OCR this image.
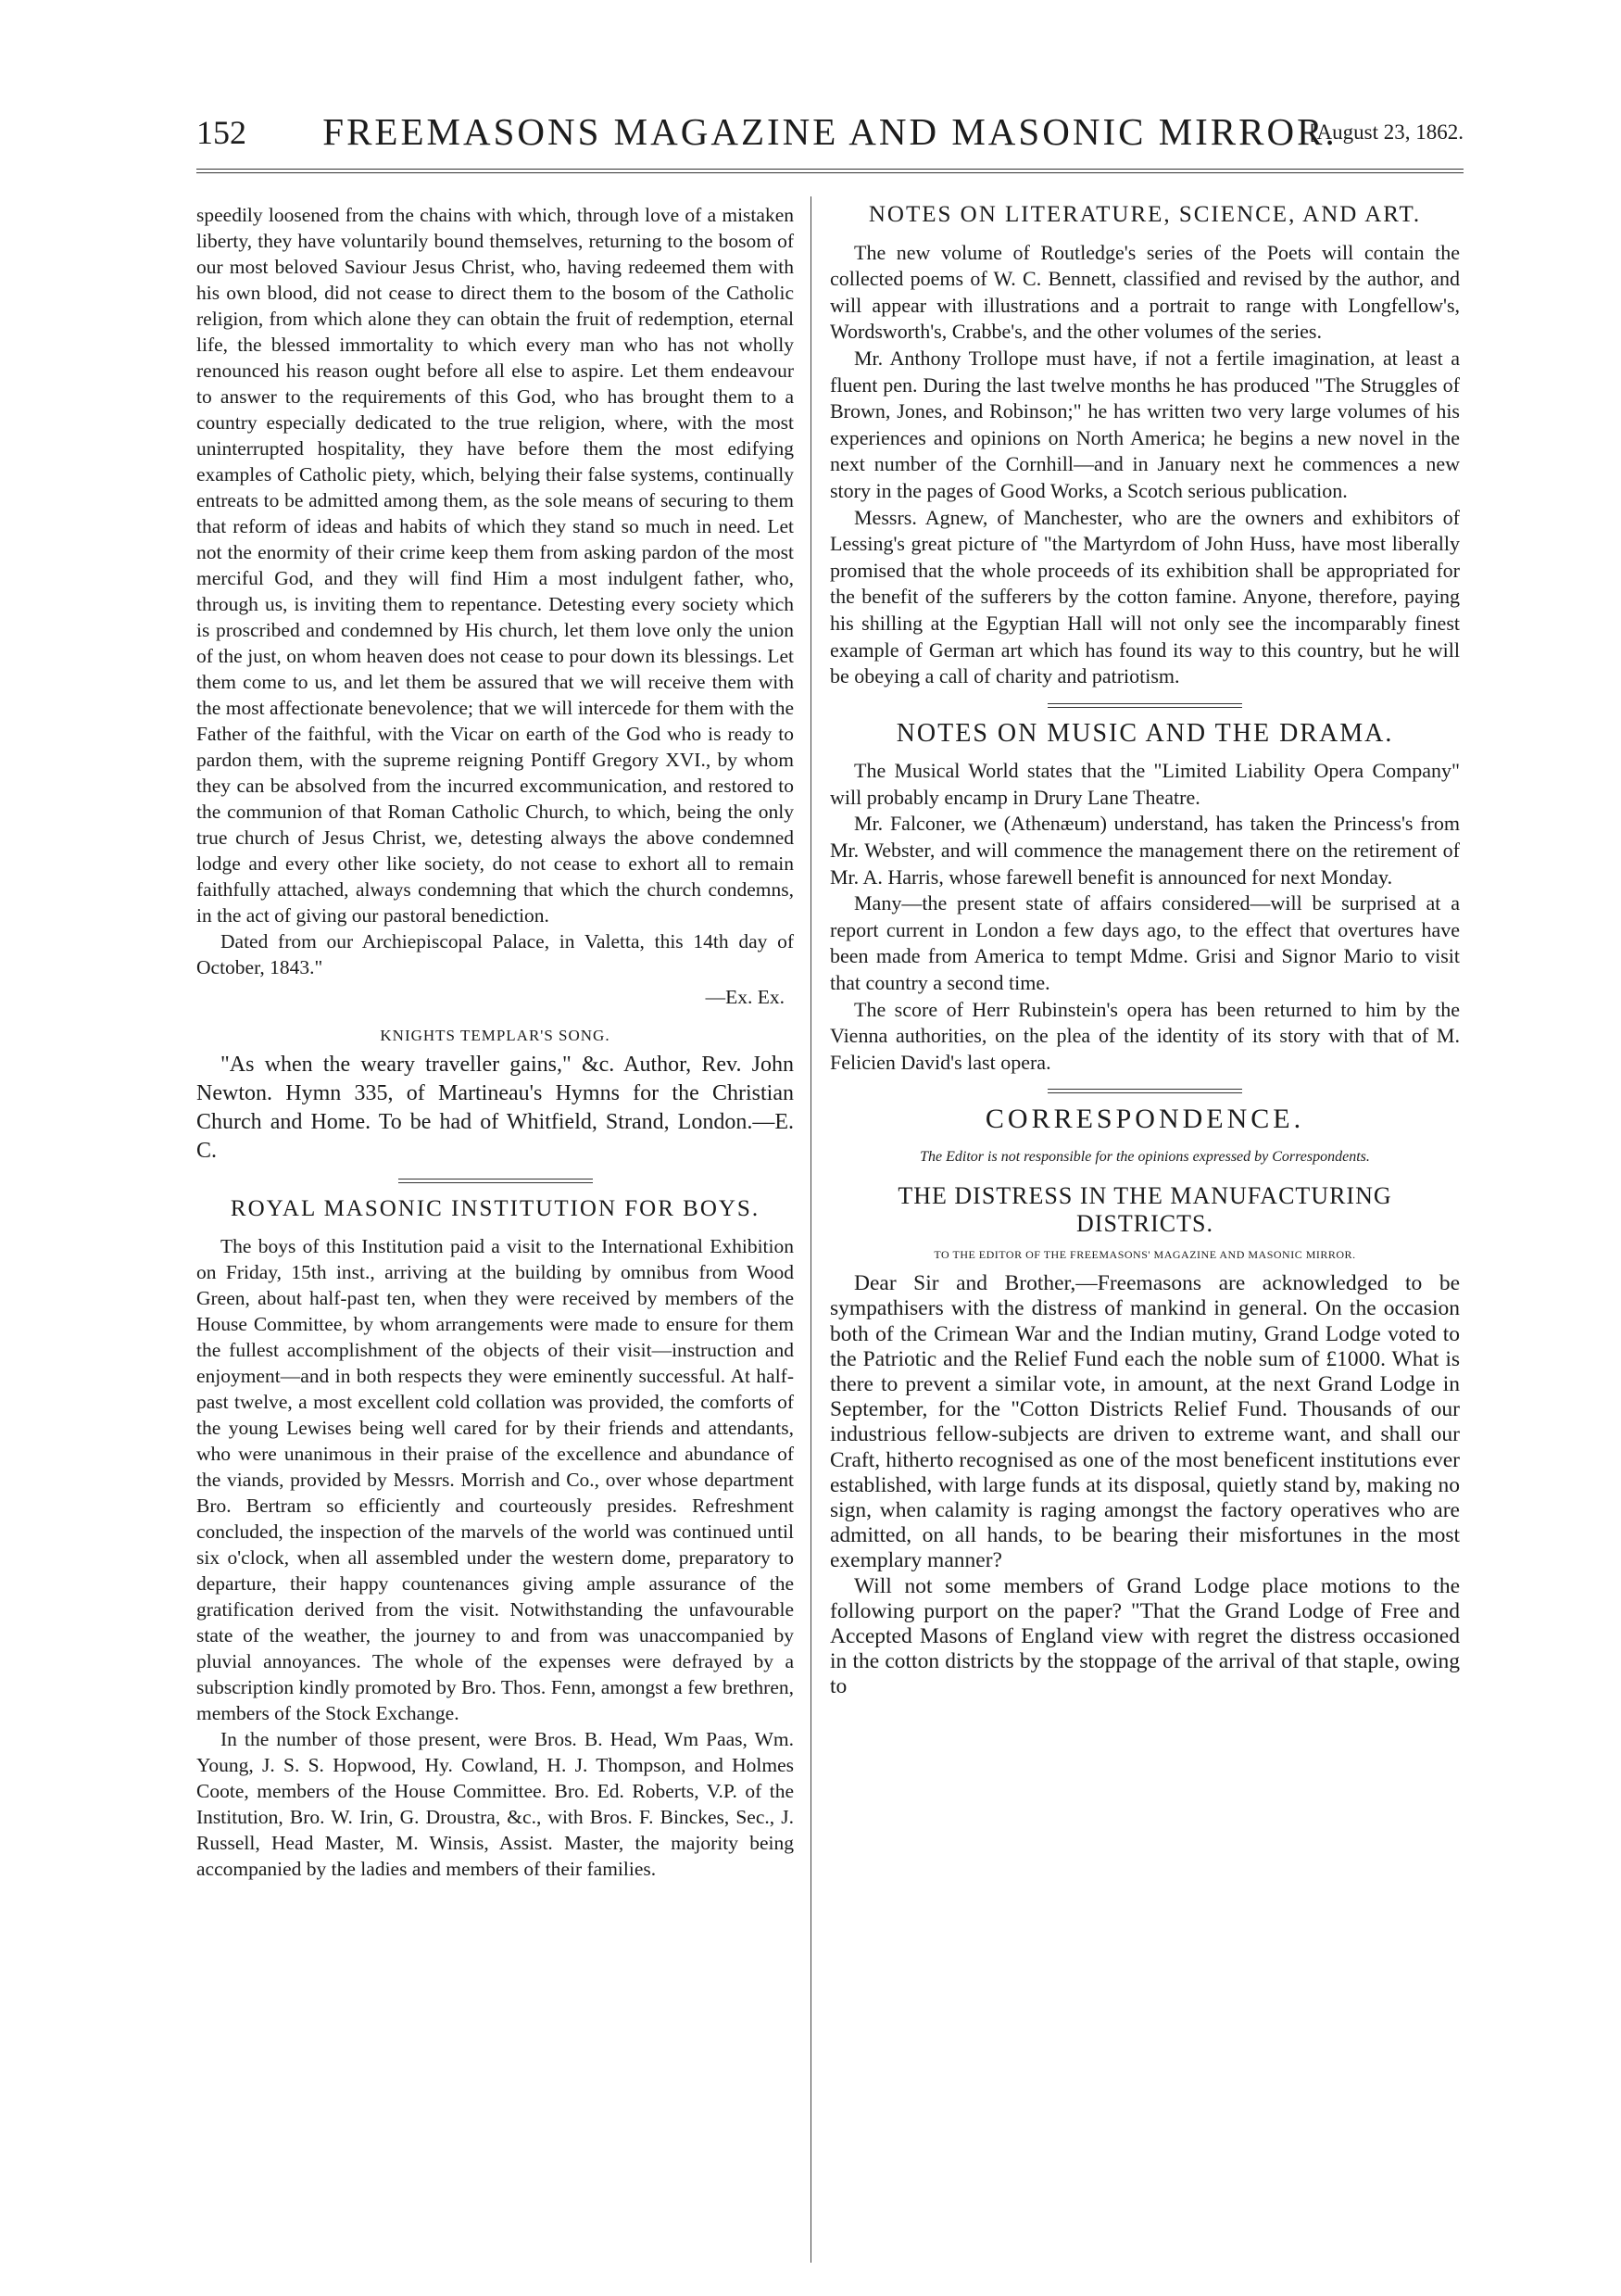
152	FREEMASONS MAGAZINE AND MASONIC MIRROR.
[August 23, 1862.

speedily loosened from the chains with which, through love of a mistaken liberty, they have voluntarily bound themselves, returning to the bosom of our most beloved Saviour Jesus Christ, who, having redeemed them with his own blood, did not cease to direct them to the bosom of the Catholic religion, from which alone they can obtain the fruit of redemption, eternal life, the blessed immortality to which every man who has not wholly renounced his reason ought before all else to aspire. Let them endeavour to answer to the requirements of this God, who has brought them to a country especially dedicated to the true religion, where, with the most uninterrupted hospitality, they have before them the most edifying examples of Catholic piety, which, belying their false systems, continually entreats to be admitted among them, as the sole means of securing to them that reform of ideas and habits of which they stand so much in need. Let not the enormity of their crime keep them from asking pardon of the most merciful God, and they will find Him a most indulgent father, who, through us, is inviting them to repentance. Detesting every society which is proscribed and condemned by His church, let them love only the union of the just, on whom heaven does not cease to pour down its blessings. Let them come to us, and let them be assured that we will receive them with the most affectionate benevolence; that we will intercede for them with the Father of the faithful, with the Vicar on earth of the God who is ready to pardon them, with the supreme reigning Pontiff Gregory XVI., by whom they can be absolved from the incurred excommunication, and restored to the communion of that Roman Catholic Church, to which, being the only true church of Jesus Christ, we, detesting always the above condemned lodge and every other like society, do not cease to exhort all to remain faithfully attached, always condemning that which the church condemns, in the act of giving our pastoral benediction.

Dated from our Archiepiscopal Palace, in Valetta, this 14th day of October, 1843."

—Ex. Ex.
KNIGHTS TEMPLAR'S SONG.

"As when the weary traveller gains," &c. Author, Rev. John Newton. Hymn 335, of Martineau's Hymns for the Christian Church and Home. To be had of Whitfield, Strand, London.—E. C.

ROYAL MASONIC INSTITUTION FOR BOYS.

The boys of this Institution paid a visit to the International Exhibition on Friday, 15th inst., arriving at the building by omnibus from Wood Green, about half-past ten, when they were received by members of the House Committee, by whom arrangements were made to ensure for them the fullest accomplishment of the objects of their visit—instruction and enjoyment—and in both respects they were eminently successful. At half-past twelve, a most excellent cold collation was provided, the comforts of the young Lewises being well cared for by their friends and attendants, who were unanimous in their praise of the excellence and abundance of the viands, provided by Messrs. Morrish and Co., over whose department Bro. Bertram so efficiently and courteously presides. Refreshment concluded, the inspection of the marvels of the world was continued until six o'clock, when all assembled under the western dome, preparatory to departure, their happy countenances giving ample assurance of the gratification derived from the visit. Notwithstanding the unfavourable state of the weather, the journey to and from was unaccompanied by pluvial annoyances. The whole of the expenses were defrayed by a subscription kindly promoted by Bro. Thos. Fenn, amongst a few brethren, members of the Stock Exchange.

In the number of those present, were Bros. B. Head, Wm Paas, Wm. Young, J. S. S. Hopwood, Hy. Cowland, H. J. Thompson, and Holmes Coote, members of the House Committee. Bro. Ed. Roberts, V.P. of the Institution, Bro. W. Irin, G. Droustra, &c., with Bros. F. Binckes, Sec., J. Russell, Head Master, M. Winsis, Assist. Master, the majority being accompanied by the ladies and members of their families.

NOTES ON LITERATURE, SCIENCE, AND ART.

The new volume of Routledge's series of the Poets will contain the collected poems of W. C. Bennett, classified and revised by the author, and will appear with illustrations and a portrait to range with Longfellow's, Wordsworth's, Crabbe's, and the other volumes of the series.

Mr. Anthony Trollope must have, if not a fertile imagination, at least a fluent pen. During the last twelve months he has produced "The Struggles of Brown, Jones, and Robinson;" he has written two very large volumes of his experiences and opinions on North America; he begins a new novel in the next number of the Cornhill—and in January next he commences a new story in the pages of Good Works, a Scotch serious publication.

Messrs. Agnew, of Manchester, who are the owners and exhibitors of Lessing's great picture of "the Martyrdom of John Huss, have most liberally promised that the whole proceeds of its exhibition shall be appropriated for the benefit of the sufferers by the cotton famine. Anyone, therefore, paying his shilling at the Egyptian Hall will not only see the incomparably finest example of German art which has found its way to this country, but he will be obeying a call of charity and patriotism.

NOTES ON MUSIC AND THE DRAMA.

The Musical World states that the "Limited Liability Opera Company" will probably encamp in Drury Lane Theatre.

Mr. Falconer, we (Athenæum) understand, has taken the Princess's from Mr. Webster, and will commence the management there on the retirement of Mr. A. Harris, whose farewell benefit is announced for next Monday.

Many—the present state of affairs considered—will be surprised at a report current in London a few days ago, to the effect that overtures have been made from America to tempt Mdme. Grisi and Signor Mario to visit that country a second time.

The score of Herr Rubinstein's opera has been returned to him by the Vienna authorities, on the plea of the identity of its story with that of M. Felicien David's last opera.

CORRESPONDENCE.
The Editor is not responsible for the opinions expressed by Correspondents.
THE DISTRESS IN THE MANUFACTURING DISTRICTS.
TO THE EDITOR OF THE FREEMASONS' MAGAZINE AND MASONIC MIRROR.

Dear Sir and Brother,—Freemasons are acknowledged to be sympathisers with the distress of mankind in general. On the occasion both of the Crimean War and the Indian mutiny, Grand Lodge voted to the Patriotic and the Relief Fund each the noble sum of £1000. What is there to prevent a similar vote, in amount, at the next Grand Lodge in September, for the "Cotton Districts Relief Fund. Thousands of our industrious fellow-subjects are driven to extreme want, and shall our Craft, hitherto recognised as one of the most beneficent institutions ever established, with large funds at its disposal, quietly stand by, making no sign, when calamity is raging amongst the factory operatives who are admitted, on all hands, to be bearing their misfortunes in the most exemplary manner?

Will not some members of Grand Lodge place motions to the following purport on the paper? "That the Grand Lodge of Free and Accepted Masons of England view with regret the distress occasioned in the cotton districts by the stoppage of the arrival of that staple, owing to
